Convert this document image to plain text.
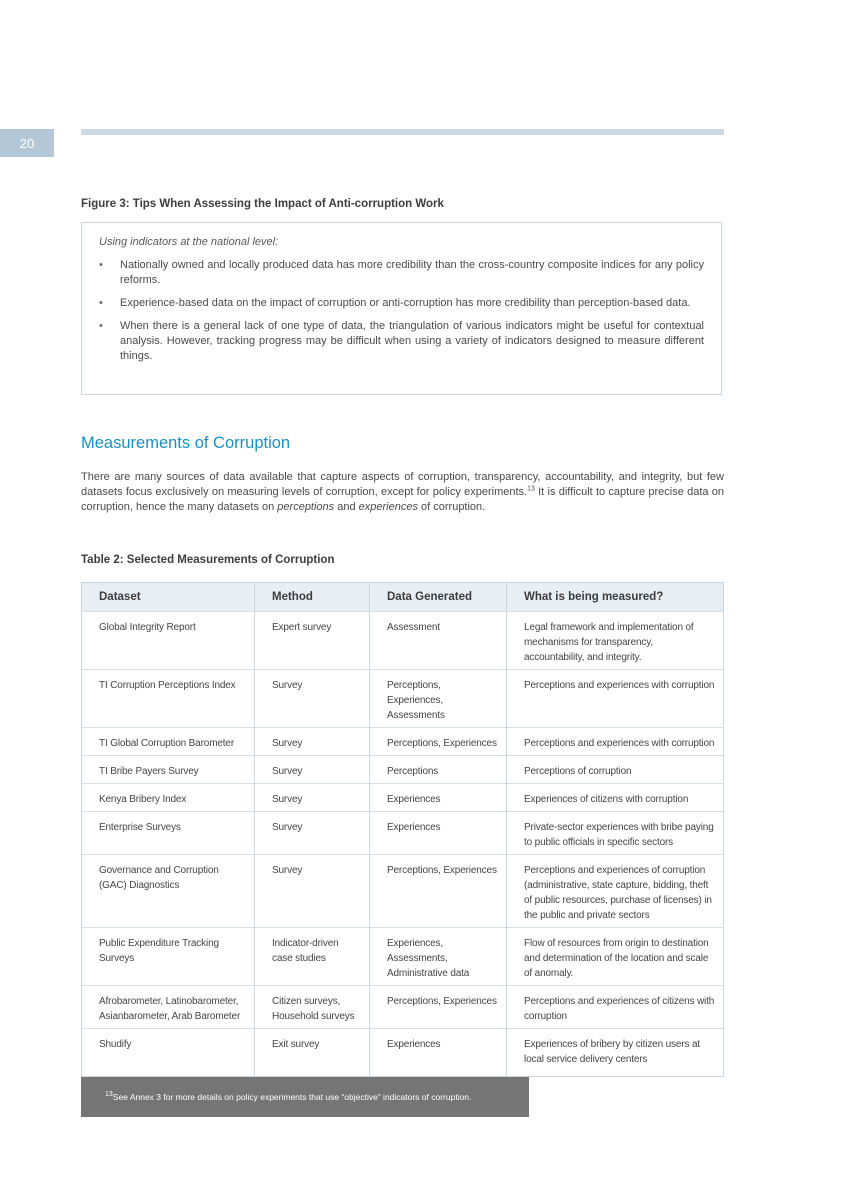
20
Figure 3: Tips When Assessing the Impact of Anti-corruption Work
Using indicators at the national level:
• Nationally owned and locally produced data has more credibility than the cross-country composite indices for any policy reforms.
• Experience-based data on the impact of corruption or anti-corruption has more credibility than perception-based data.
• When there is a general lack of one type of data, the triangulation of various indicators might be useful for contextual analysis. However, tracking progress may be difficult when using a variety of indicators designed to measure different things.
Measurements of Corruption

There are many sources of data available that capture aspects of corruption, transparency, accountability, and integrity, but few datasets focus exclusively on measuring levels of corruption, except for policy experiments.$^{13}$ It is difficult to capture precise data on corruption, hence the many datasets on perceptions and experiences of corruption.

Table 2: Selected Measurements of Corruption
Dataset	Method	Data Generated	What is being measured?
Global Integrity Report	Expert survey	Assessment	Legal framework and implementation of mechanisms for transparency, accountability, and integrity.
TI Corruption Perceptions Index	Survey	Perceptions, Experiences, Assessments	Perceptions and experiences with corruption
TI Global Corruption Barometer	Survey	Perceptions, Experiences	Perceptions and experiences with corruption
TI Bribe Payers Survey	Survey	Perceptions	Perceptions of corruption
Kenya Bribery Index	Survey	Experiences	Experiences of citizens with corruption
Enterprise Surveys	Survey	Experiences	Private-sector experiences with bribe paying to public officials in specific sectors
Governance and Corruption (GAC) Diagnostics	Survey	Perceptions, Experiences	Perceptions and experiences of corruption (administrative, state capture, bidding, theft of public resources, purchase of licenses) in the public and private sectors
Public Expenditure Tracking Surveys	Indicator-driven case studies	Experiences, Assessments, Administrative data	Flow of resources from origin to destination and determination of the location and scale of anomaly.
Afrobarometer, Latinobarometer, Asianbarometer, Arab Barometer	Citizen surveys, Household surveys	Perceptions, Experiences	Perceptions and experiences of citizens with corruption
Shudify	Exit survey	Experiences	Experiences of bribery by citizen users at local service delivery centers
$^{13}$See Annex 3 for more details on policy experiments that use “objective” indicators of corruption.
